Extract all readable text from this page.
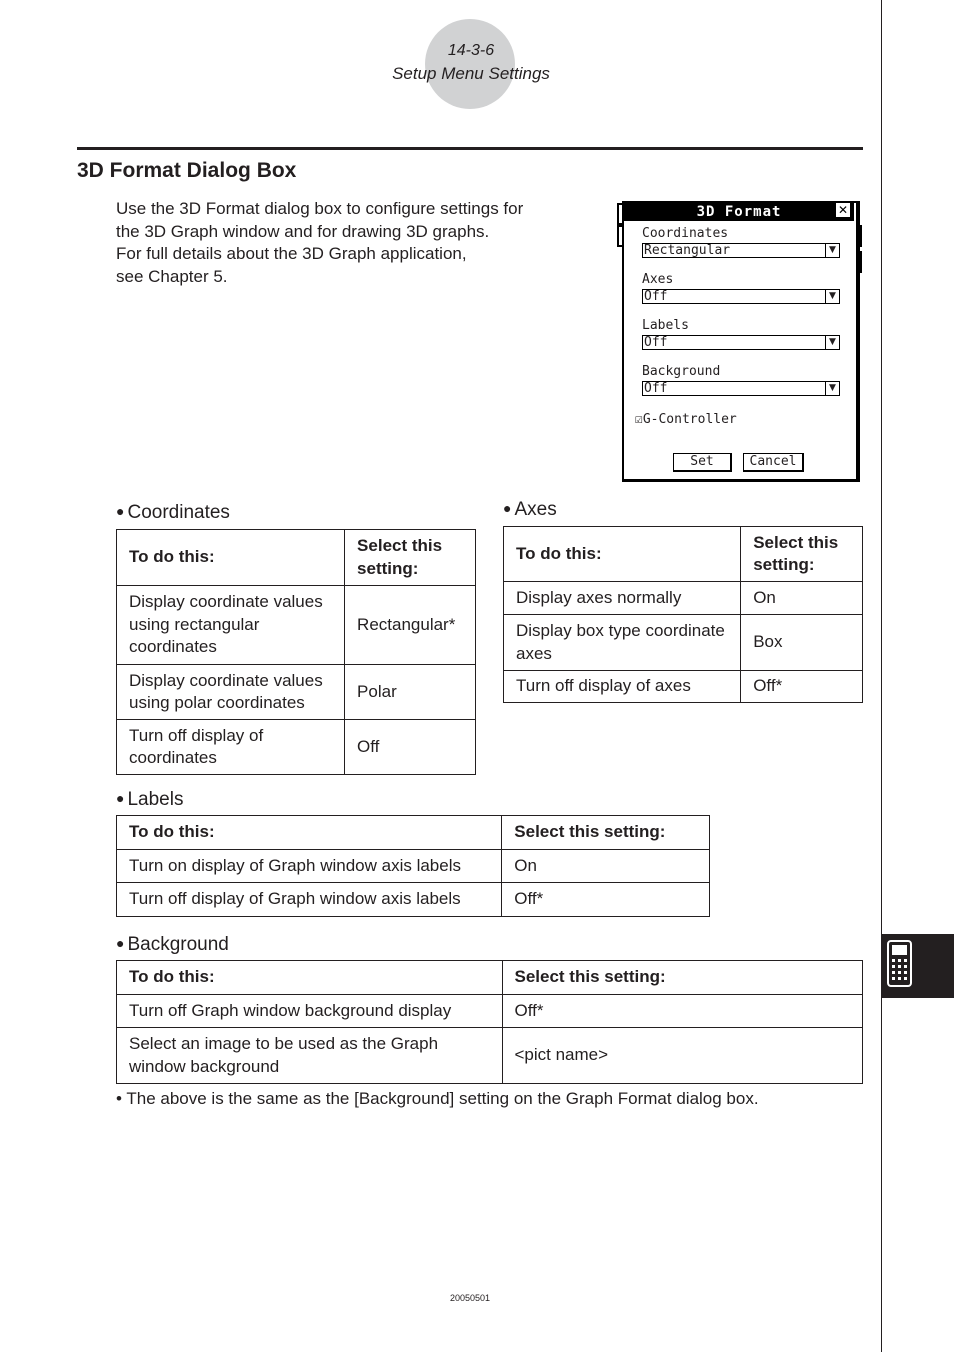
14-3-6
Setup Menu Settings
3D Format Dialog Box
Use the 3D Format dialog box to configure settings for
the 3D Graph window and for drawing 3D graphs.
For full details about the 3D Graph application,
see Chapter 5.
3D Format	✕
Coordinates
Rectangular	▼
Axes
Off	▼
Labels
Off	▼
Background
Off	▼
☑G-Controller
Set	Cancel
● Coordinates
To do this:	Select this setting:
Display coordinate values using rectangular coordinates	Rectangular*
Display coordinate values using polar coordinates	Polar
Turn off display of coordinates	Off
● Axes
To do this:	Select this setting:
Display axes normally	On
Display box type coordinate axes	Box
Turn off display of axes	Off*
● Labels
To do this:	Select this setting:
Turn on display of Graph window axis labels	On
Turn off display of Graph window axis labels	Off*
● Background
To do this:	Select this setting:
Turn off Graph window background display	Off*
Select an image to be used as the Graph window background	<pict name>

• The above is the same as the [Background] setting on the Graph Format dialog box.

20050501
